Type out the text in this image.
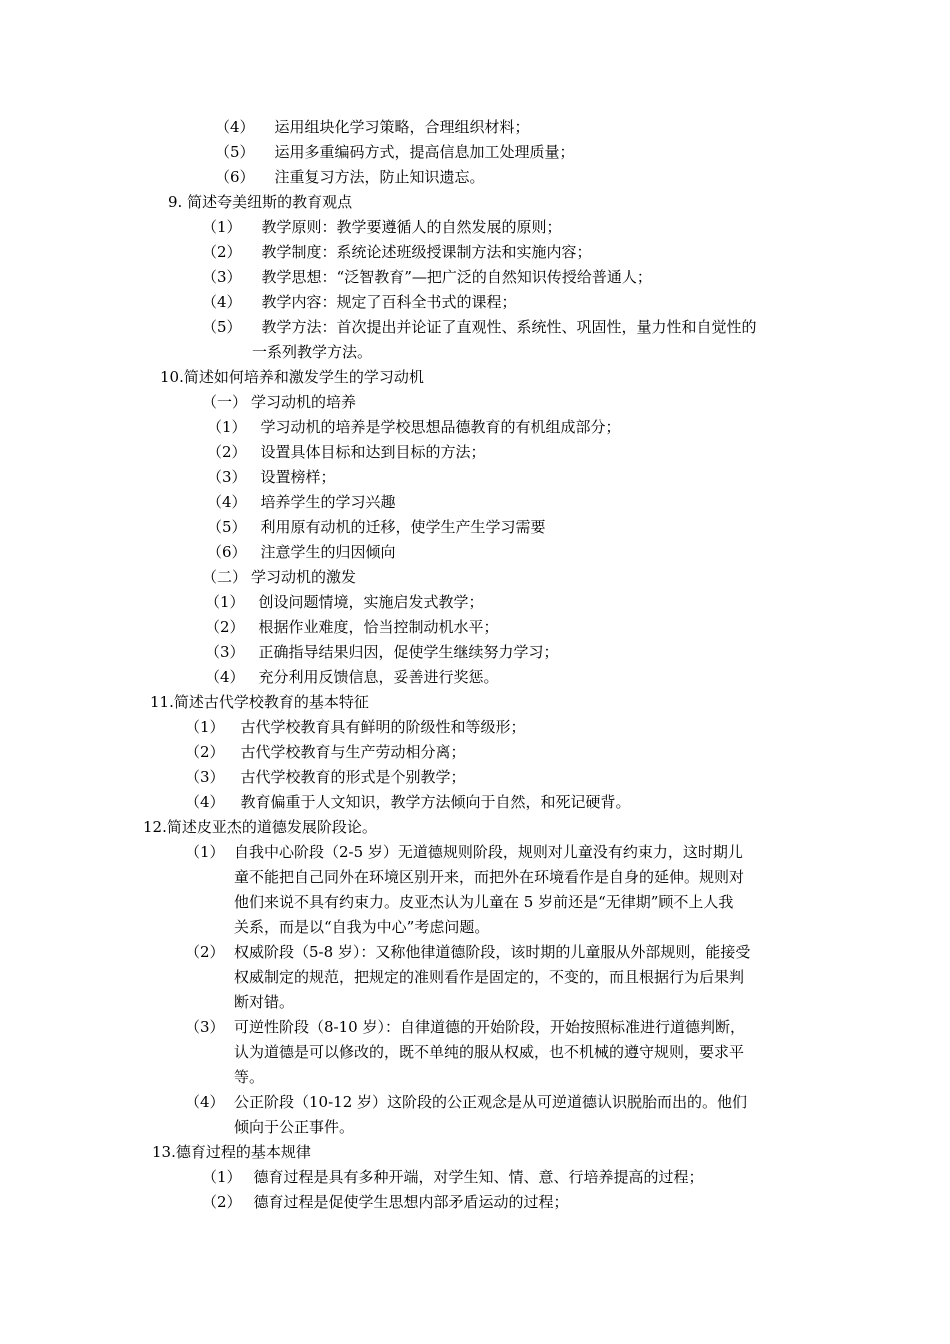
（4） 运用组块化学习策略，合理组织材料；
（5） 运用多重编码方式，提高信息加工处理质量；
（6） 注重复习方法，防止知识遗忘。
9. 简述夸美纽斯的教育观点
（1） 教学原则：教学要遵循人的自然发展的原则；
（2） 教学制度：系统论述班级授课制方法和实施内容；
（3） 教学思想：“泛智教育”—把广泛的自然知识传授给普通人；
（4） 教学内容：规定了百科全书式的课程；
（5） 教学方法：首次提出并论证了直观性、系统性、巩固性，量力性和自觉性的
一系列教学方法。
10.简述如何培养和激发学生的学习动机
（一） 学习动机的培养
（1） 学习动机的培养是学校思想品德教育的有机组成部分；
（2） 设置具体目标和达到目标的方法；
（3） 设置榜样；
（4） 培养学生的学习兴趣
（5） 利用原有动机的迁移，使学生产生学习需要
（6） 注意学生的归因倾向
（二） 学习动机的激发
（1） 创设问题情境，实施启发式教学；
（2） 根据作业难度，恰当控制动机水平；
（3） 正确指导结果归因，促使学生继续努力学习；
（4） 充分利用反馈信息，妥善进行奖惩。
11.简述古代学校教育的基本特征
（1） 古代学校教育具有鲜明的阶级性和等级形；
（2） 古代学校教育与生产劳动相分离；
（3） 古代学校教育的形式是个别教学；
（4） 教育偏重于人文知识，教学方法倾向于自然，和死记硬背。
12.简述皮亚杰的道德发展阶段论。
（1） 自我中心阶段（2-5 岁）无道德规则阶段，规则对儿童没有约束力，这时期儿
童不能把自己同外在环境区别开来，而把外在环境看作是自身的延伸。规则对
他们来说不具有约束力。皮亚杰认为儿童在 5 岁前还是“无律期”顾不上人我
关系，而是以“自我为中心”考虑问题。
（2） 权威阶段（5-8 岁）：又称他律道德阶段，该时期的儿童服从外部规则，能接受
权威制定的规范，把规定的准则看作是固定的，不变的，而且根据行为后果判
断对错。
（3） 可逆性阶段（8-10 岁）：自律道德的开始阶段，开始按照标准进行道德判断，
认为道德是可以修改的，既不单纯的服从权威，也不机械的遵守规则，要求平
等。
（4） 公正阶段（10-12 岁）这阶段的公正观念是从可逆道德认识脱胎而出的。他们
倾向于公正事件。
13.德育过程的基本规律
（1） 德育过程是具有多种开端，对学生知、情、意、行培养提高的过程；
（2） 德育过程是促使学生思想内部矛盾运动的过程；
